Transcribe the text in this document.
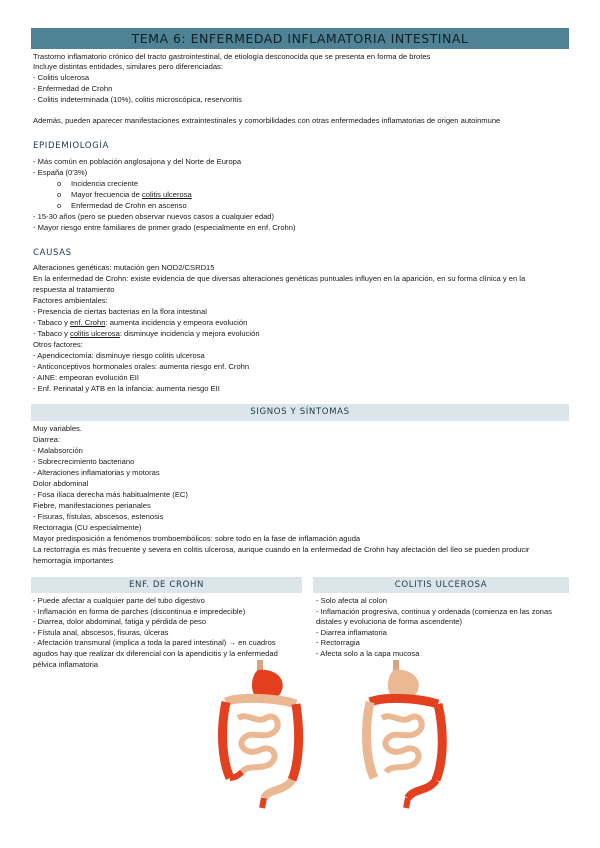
TEMA 6: ENFERMEDAD INFLAMATORIA INTESTINAL
Trastorno inflamatorio crónico del tracto gastrointestinal, de etiología desconocida que se presenta en forma de brotes
Incluye distintas entidades, similares pero diferenciadas:
- Colitis ulcerosa
- Enfermedad de Crohn
- Colitis indeterminada (10%), colitis microscópica, reservoritis
Además, pueden aparecer manifestaciones extraintestinales y comorbilidades con otras enfermedades inflamatorias de origen autoinmune
EPIDEMIOLOGÍA
- Más común en población anglosajona y del Norte de Europa
- España (0'3%)
o Incidencia creciente
o Mayor frecuencia de colitis ulcerosa
o Enfermedad de Crohn en ascenso
- 15-30 años (pero se pueden observar nuevos casos a cualquier edad)
- Mayor riesgo entre familiares de primer grado (especialmente en enf. Crohn)
CAUSAS
Alteraciones genéticas: mutación gen NOD2/CSRD15
En la enfermedad de Crohn: existe evidencia de que diversas alteraciones genéticas puntuales influyen en la aparición, en su forma clínica y en la
respuesta al tratamiento
Factores ambientales:
- Presencia de ciertas bacterias en la flora intestinal
- Tabaco y enf. Crohn: aumenta incidencia y empeora evolución
- Tabaco y colitis ulcerosa: disminuye incidencia y mejora evolución
Otros factores:
- Apendicectomía: disminuye riesgo colitis ulcerosa
- Anticonceptivos hormonales orales: aumenta riesgo enf. Crohn
- AINE: empeoran evolución EII
- Enf. Perinatal y ATB en la infancia: aumenta riesgo EII
SIGNOS Y SÍNTOMAS
Muy variables.
Diarrea:
- Malabsorción
- Sobrecrecimiento bacteriano
- Alteraciones inflamatorias y motoras
Dolor abdominal
- Fosa ilíaca derecha más habitualmente (EC)
Fiebre, manifestaciones perianales
- Fisuras, fístulas, abscesos, estenosis
Rectorragia (CU especialmente)
Mayor predisposición a fenómenos tromboembólicos: sobre todo en la fase de inflamación aguda
La rectorragia es más frecuente y severa en colitis ulcerosa, aunque cuando en la enfermedad de Crohn hay afectación del íleo se pueden producir
hemorragia importantes
ENF. DE CROHN
- Puede afectar a cualquier parte del tubo digestivo
- Inflamación en forma de parches (discontinua e impredecible)
- Diarrea, dolor abdominal, fatiga y pérdida de peso
- Fístula anal, abscesos, fisuras, úlceras
- Afectación transmural (implica a toda la pared intestinal) → en cuadros agudos hay que realizar dx diferencial con la apendicitis y la enfermedad pélvica inflamatoria
COLITIS ULCEROSA
- Solo afecta al colon
- Inflamación progresiva, continua y ordenada (comienza en las zonas distales y evoluciona de forma ascendente)
- Diarrea inflamatoria
- Rectorragia
- Afecta solo a la capa mucosa
